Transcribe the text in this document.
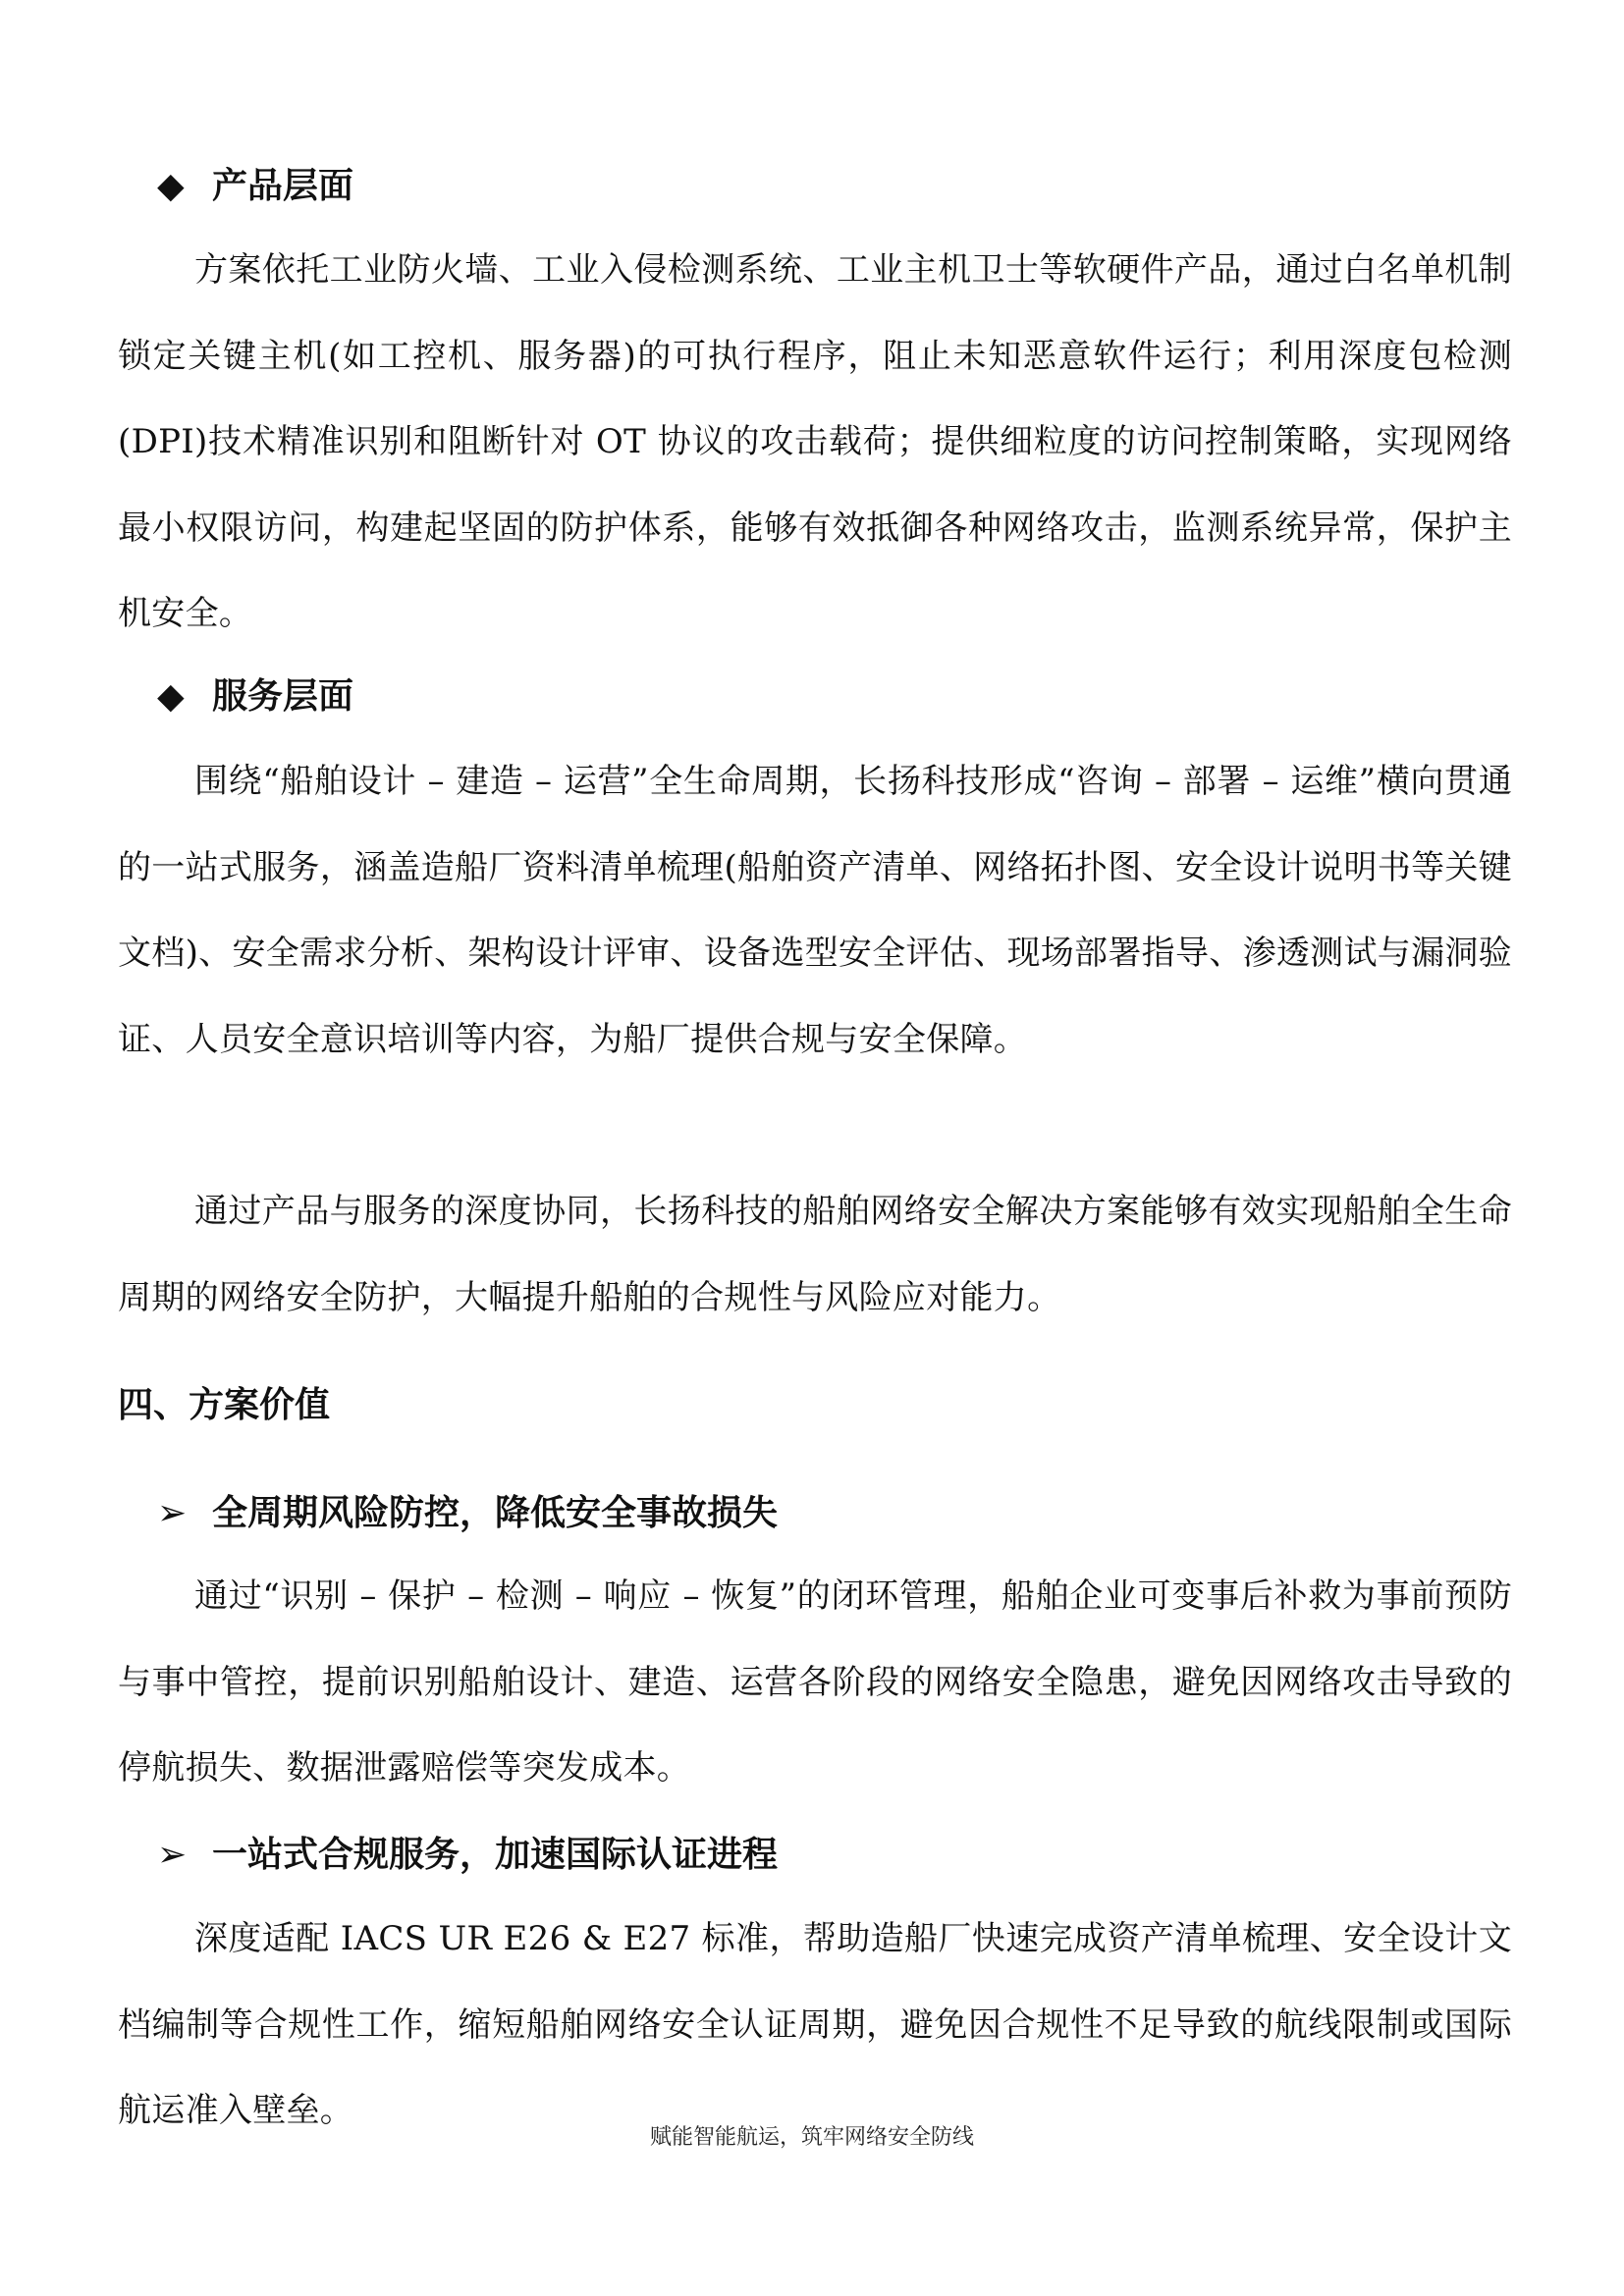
◆ 产品层面

方案依托工业防火墙、工业入侵检测系统、工业主机卫士等软硬件产品，通过白名单机制锁定关键主机(如工控机、服务器)的可执行程序，阻止未知恶意软件运行；利用深度包检测(DPI)技术精准识别和阻断针对 OT 协议的攻击载荷；提供细粒度的访问控制策略，实现网络最小权限访问，构建起坚固的防护体系，能够有效抵御各种网络攻击，监测系统异常，保护主机安全。

◆ 服务层面

围绕“船舶设计 – 建造 – 运营”全生命周期，长扬科技形成“咨询 – 部署 – 运维”横向贯通的一站式服务，涵盖造船厂资料清单梳理(船舶资产清单、网络拓扑图、安全设计说明书等关键文档)、安全需求分析、架构设计评审、设备选型安全评估、现场部署指导、渗透测试与漏洞验证、人员安全意识培训等内容，为船厂提供合规与安全保障。

通过产品与服务的深度协同，长扬科技的船舶网络安全解决方案能够有效实现船舶全生命周期的网络安全防护，大幅提升船舶的合规性与风险应对能力。

四、方案价值
➢ 全周期风险防控，降低安全事故损失

通过“识别 – 保护 – 检测 – 响应 – 恢复”的闭环管理，船舶企业可变事后补救为事前预防与事中管控，提前识别船舶设计、建造、运营各阶段的网络安全隐患，避免因网络攻击导致的停航损失、数据泄露赔偿等突发成本。

➢ 一站式合规服务，加速国际认证进程

深度适配 IACS UR E26 & E27 标准，帮助造船厂快速完成资产清单梳理、安全设计文档编制等合规性工作，缩短船舶网络安全认证周期，避免因合规性不足导致的航线限制或国际航运准入壁垒。

赋能智能航运，筑牢网络安全防线
